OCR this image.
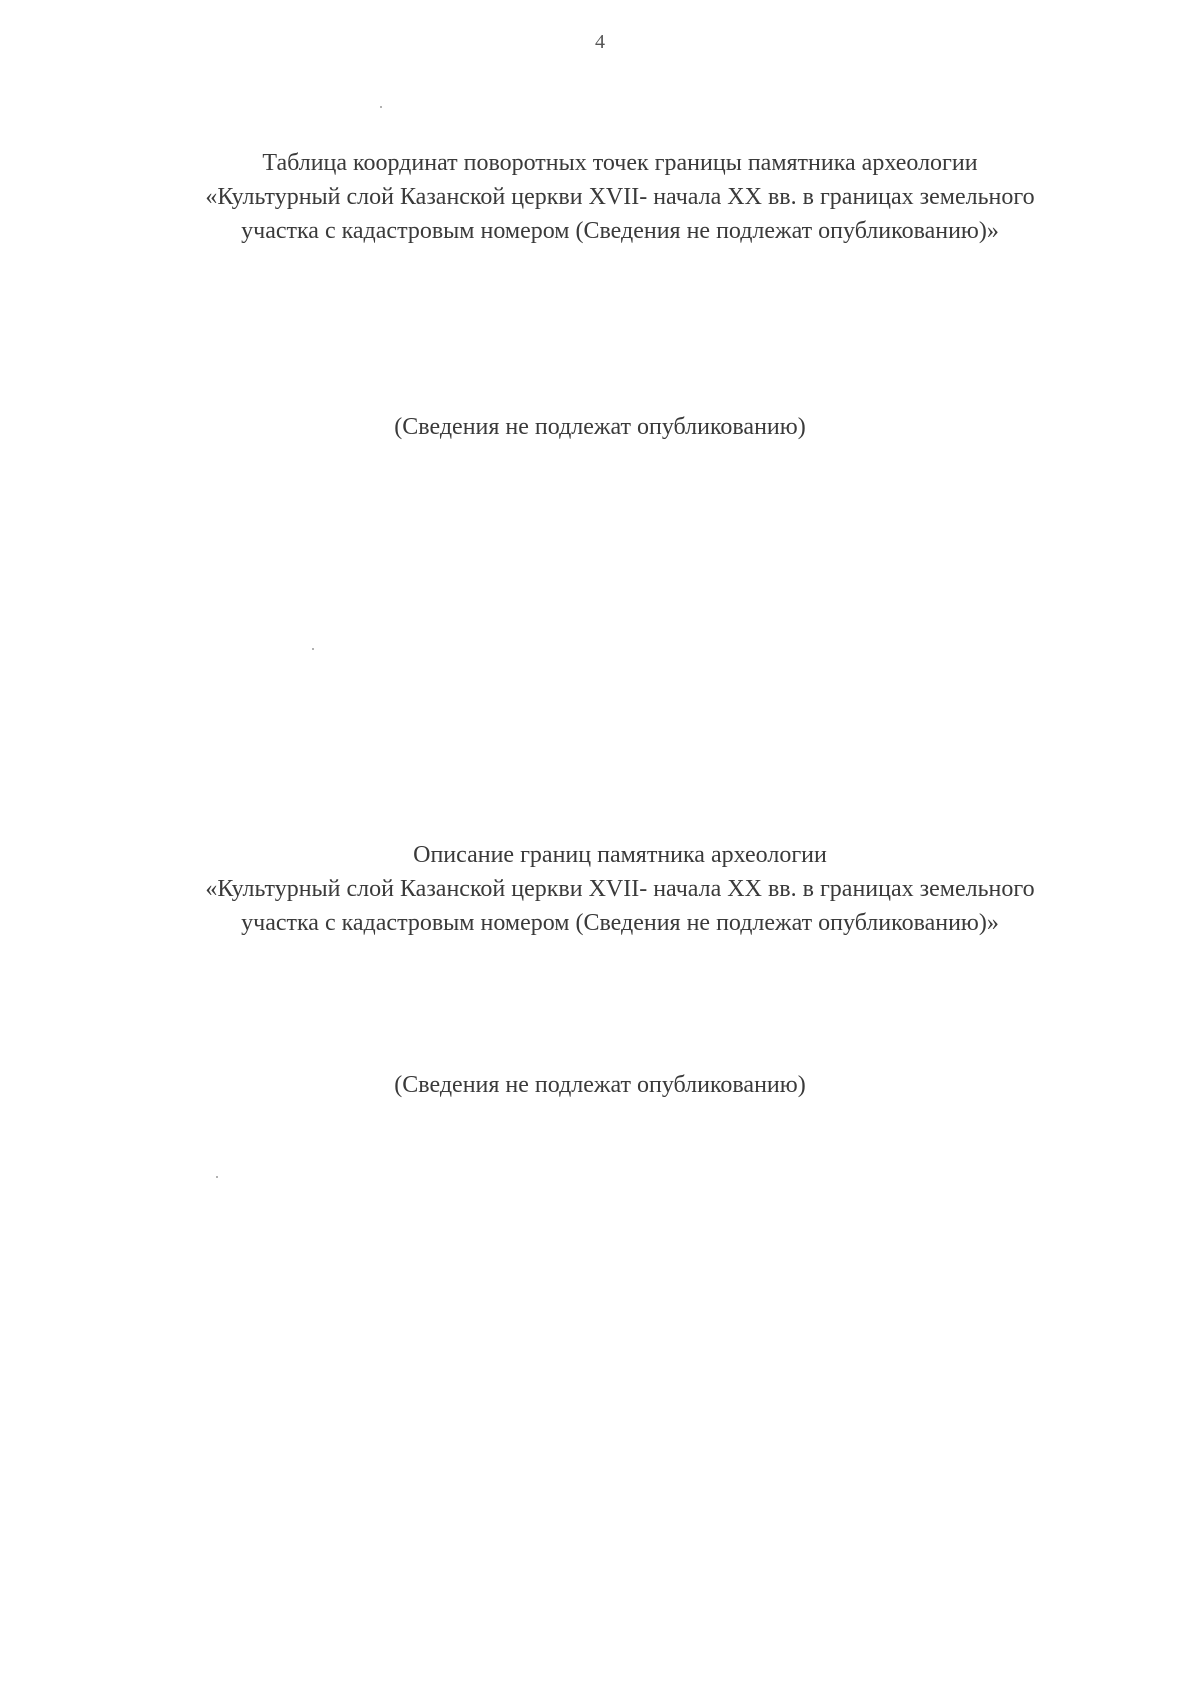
4
Таблица координат поворотных точек границы памятника археологии
«Культурный слой Казанской церкви XVII- начала XX вв. в границах земельного
участка с кадастровым номером (Сведения не подлежат опубликованию)»
(Сведения не подлежат опубликованию)
Описание границ памятника археологии
«Культурный слой Казанской церкви XVII- начала XX вв. в границах земельного
участка с кадастровым номером (Сведения не подлежат опубликованию)»
(Сведения не подлежат опубликованию)
